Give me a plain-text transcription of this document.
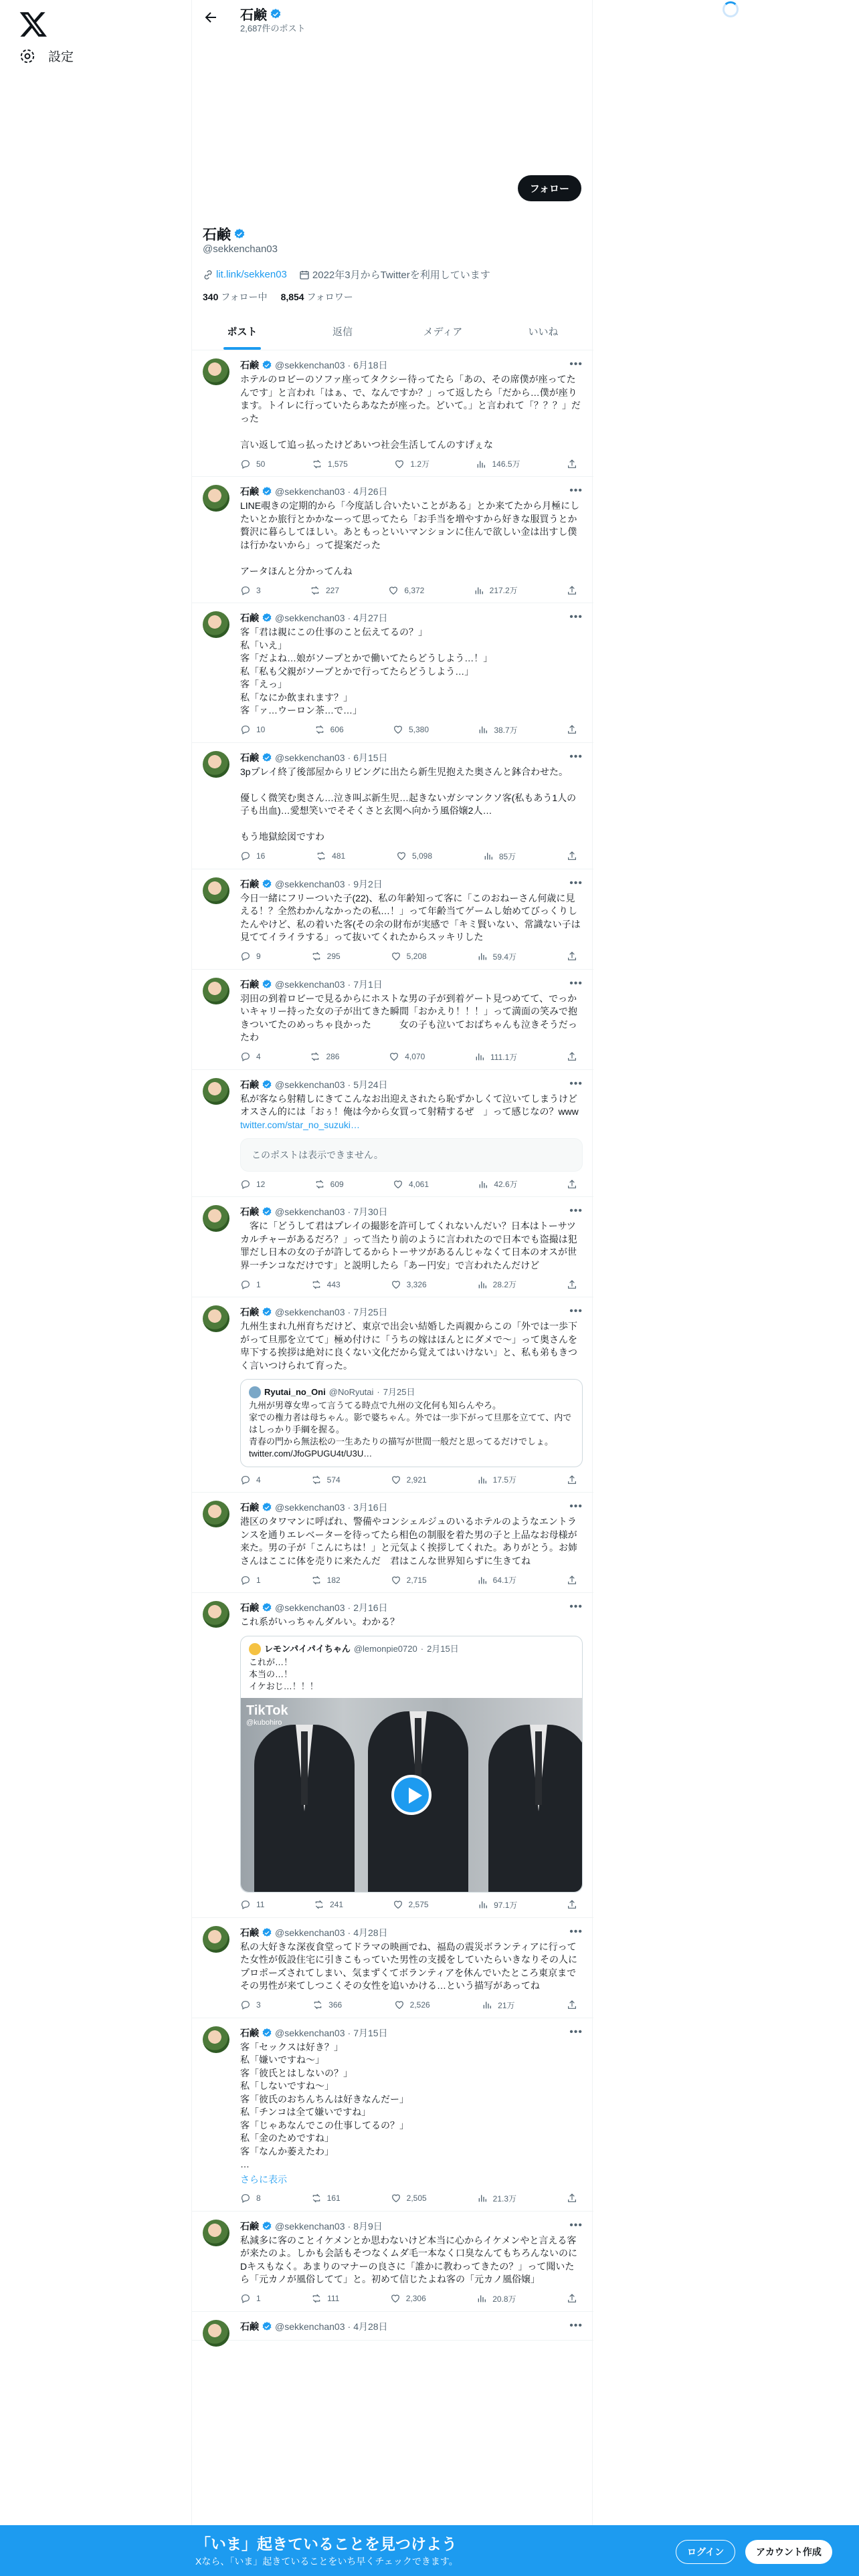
設定
石鹸
2,687件のポスト
フォロー
石鹸
@sekkenchan03
lit.link/sekken03	2022年3月からTwitterを利用しています
340 フォロー中 8,854 フォロワー
ポスト	返信	メディア	いいね
•••
石鹸 @sekkenchan03 · 6月18日
ホテルのロビーのソファ座ってタクシー待ってたら「あの、その席僕が座ってたんです」と言われ「はぁ、で、なんですか？」って返したら「だから…僕が座ります。トイレに行っていたらあなたが座った。どいて。」と言われて「？？？」だった

言い返して追っ払ったけどあいつ社会生活してんのすげぇな
50	1,575	1.2万	146.5万
•••
石鹸 @sekkenchan03 · 4月26日
LINE覗きの定期的から「今度話し合いたいことがある」とか来てたから月極にしたいとか旅行とかかなーって思ってたら「お手当を増やすから好きな服買うとか贅沢に暮らしてほしい。あともっといいマンションに住んで欲しい金は出すし僕は行かないから」って提案だった

アータほんと分かってんね
3	227	6,372	217.2万
•••
石鹸 @sekkenchan03 · 4月27日
客「君は親にこの仕事のこと伝えてるの？」
私「いえ」
客「だよね…娘がソープとかで働いてたらどうしよう…！」
私「私も父親がソープとかで行ってたらどうしよう…」
客「えっ」
私「なにか飲まれます？」
客「ァ…ウーロン茶…で…」
10	606	5,380	38.7万
•••
石鹸 @sekkenchan03 · 6月15日
3pプレイ終了後部屋からリビングに出たら新生児抱えた奥さんと鉢合わせた。

優しく微笑む奥さん…泣き叫ぶ新生児…起きないガシマンクソ客(私もあう1人の子も出血)…愛想笑いでそそくさと玄関へ向かう風俗嬢2人…

もう地獄絵図ですわ
16	481	5,098	85万
•••
石鹸 @sekkenchan03 · 9月2日
今日一緒にフリーついた子(22)、私の年齢知って客に「このおねーさん何歳に見える！？全然わかんなかったの私…！」って年齢当てゲームし始めてびっくりしたんやけど、私の着いた客(その余の財布が実感で「キミ賢いない、常識ない子は見ててイライラする」って抜いてくれたからスッキリした
9	295	5,208	59.4万
•••
石鹸 @sekkenchan03 · 7月1日
羽田の到着ロビーで見るからにホストな男の子が到着ゲート見つめてて、でっかいキャリー持った女の子が出てきた瞬間「おかえり！！！」って満面の笑みで抱きついてたのめっちゃ良かった　　　女の子も泣いておばちゃんも泣きそうだったわ
4	286	4,070	111.1万
•••
石鹸 @sekkenchan03 · 5月24日
私が客なら射精しにきてこんなお出迎えされたら恥ずかしくて泣いてしまうけどオスさん的には「おぅ！俺は今から女買って射精するぜ　」って感じなの？www twitter.com/star_no_suzuki…
このポストは表示できません。
12	609	4,061	42.6万
•••
石鹸 @sekkenchan03 · 7月30日
　客に「どうして君はプレイの撮影を許可してくれないんだい？日本はトーサツカルチャーがあるだろ？」って当たり前のように言われたので日本でも盗撮は犯罪だし日本の女の子が許してるからトーサツがあるんじゃなくて日本のオスが世界一チンコなだけです」と説明したら「あー円安」で言われたんだけど
1	443	3,326	28.2万
•••
石鹸 @sekkenchan03 · 7月25日
九州生まれ九州育ちだけど、東京で出会い結婚した両親からこの「外では一歩下がって旦那を立てて」極め付けに「うちの嫁はほんとにダメで〜」って奥さんを卑下する挨拶は絶対に良くない文化だから覚えてはいけない」と、私も弟もきつく言いつけられて育った。
Ryutai_no_Oni @NoRyutai · 7月25日
九州が男尊女卑って言うてる時点で九州の文化何も知らんやろ。
家での権力者は母ちゃん。影で婆ちゃん。外では一歩下がって旦那を立てて、内ではしっかり手綱を握る。
青春の門から無法松の一生あたりの描写が世間一般だと思ってるだけでしょ。 twitter.com/JfoGPUGU4t/U3U…
4	574	2,921	17.5万
•••
石鹸 @sekkenchan03 · 3月16日
港区のタワマンに呼ばれ、警備やコンシェルジュのいるホテルのようなエントランスを通りエレベーターを待ってたら相色の制服を着た男の子と上品なお母様が来た。男の子が「こんにちは！」と元気よく挨拶してくれた。ありがとう。お姉さんはここに体を売りに来たんだ　君はこんな世界知らずに生きてね
1	182	2,715	64.1万
•••
石鹸 @sekkenchan03 · 2月16日
これ系がいっちゃんダルい。わかる？
レモンパイパイちゃん @lemonpie0720 · 2月15日
これが…！
本当の…！
イケおじ…！！！
TikTok
@kubohiro
11	241	2,575	97.1万
•••
石鹸 @sekkenchan03 · 4月28日
私の大好きな深夜食堂ってドラマの映画でね、福島の震災ボランティアに行ってた女性が仮設住宅に引きこもっていた男性の支援をしていたらいきなりその人にプロポーズされてしまい、気まずくてボランティアを休んでいたところ東京までその男性が来てしつこくその女性を追いかける…という描写があってね
3	366	2,526	21万
•••
石鹸 @sekkenchan03 · 7月15日
客「セックスは好き？」
私「嫌いですね〜」
客「彼氏とはしないの？」
私「しないですね〜」
客「彼氏のおちんちんは好きなんだー」
私「チンコは全て嫌いですね」
客「じゃあなんでこの仕事してるの？」
私「金のためですね」
客「なんか萎えたわ」
…
さらに表示
8	161	2,505	21.3万
•••
石鹸 @sekkenchan03 · 8月9日
私減多に客のことイケメンとか思わないけど本当に心からイケメンやと言える客が来たのよ。しかも会話もそつなくムダ毛一本なく口臭なんてもちろんないのにDキスもなく。あまりのマナーの良さに「誰かに教わってきたの？」って聞いたら「元カノが風俗してて」と。初めて信じたよね客の「元カノ風俗嬢」
1	111	2,306	20.8万
•••
石鹸 @sekkenchan03 · 4月28日
「いま」起きていることを見つけよう
Xなら、「いま」起きていることをいち早くチェックできます。
ログイン	アカウント作成
